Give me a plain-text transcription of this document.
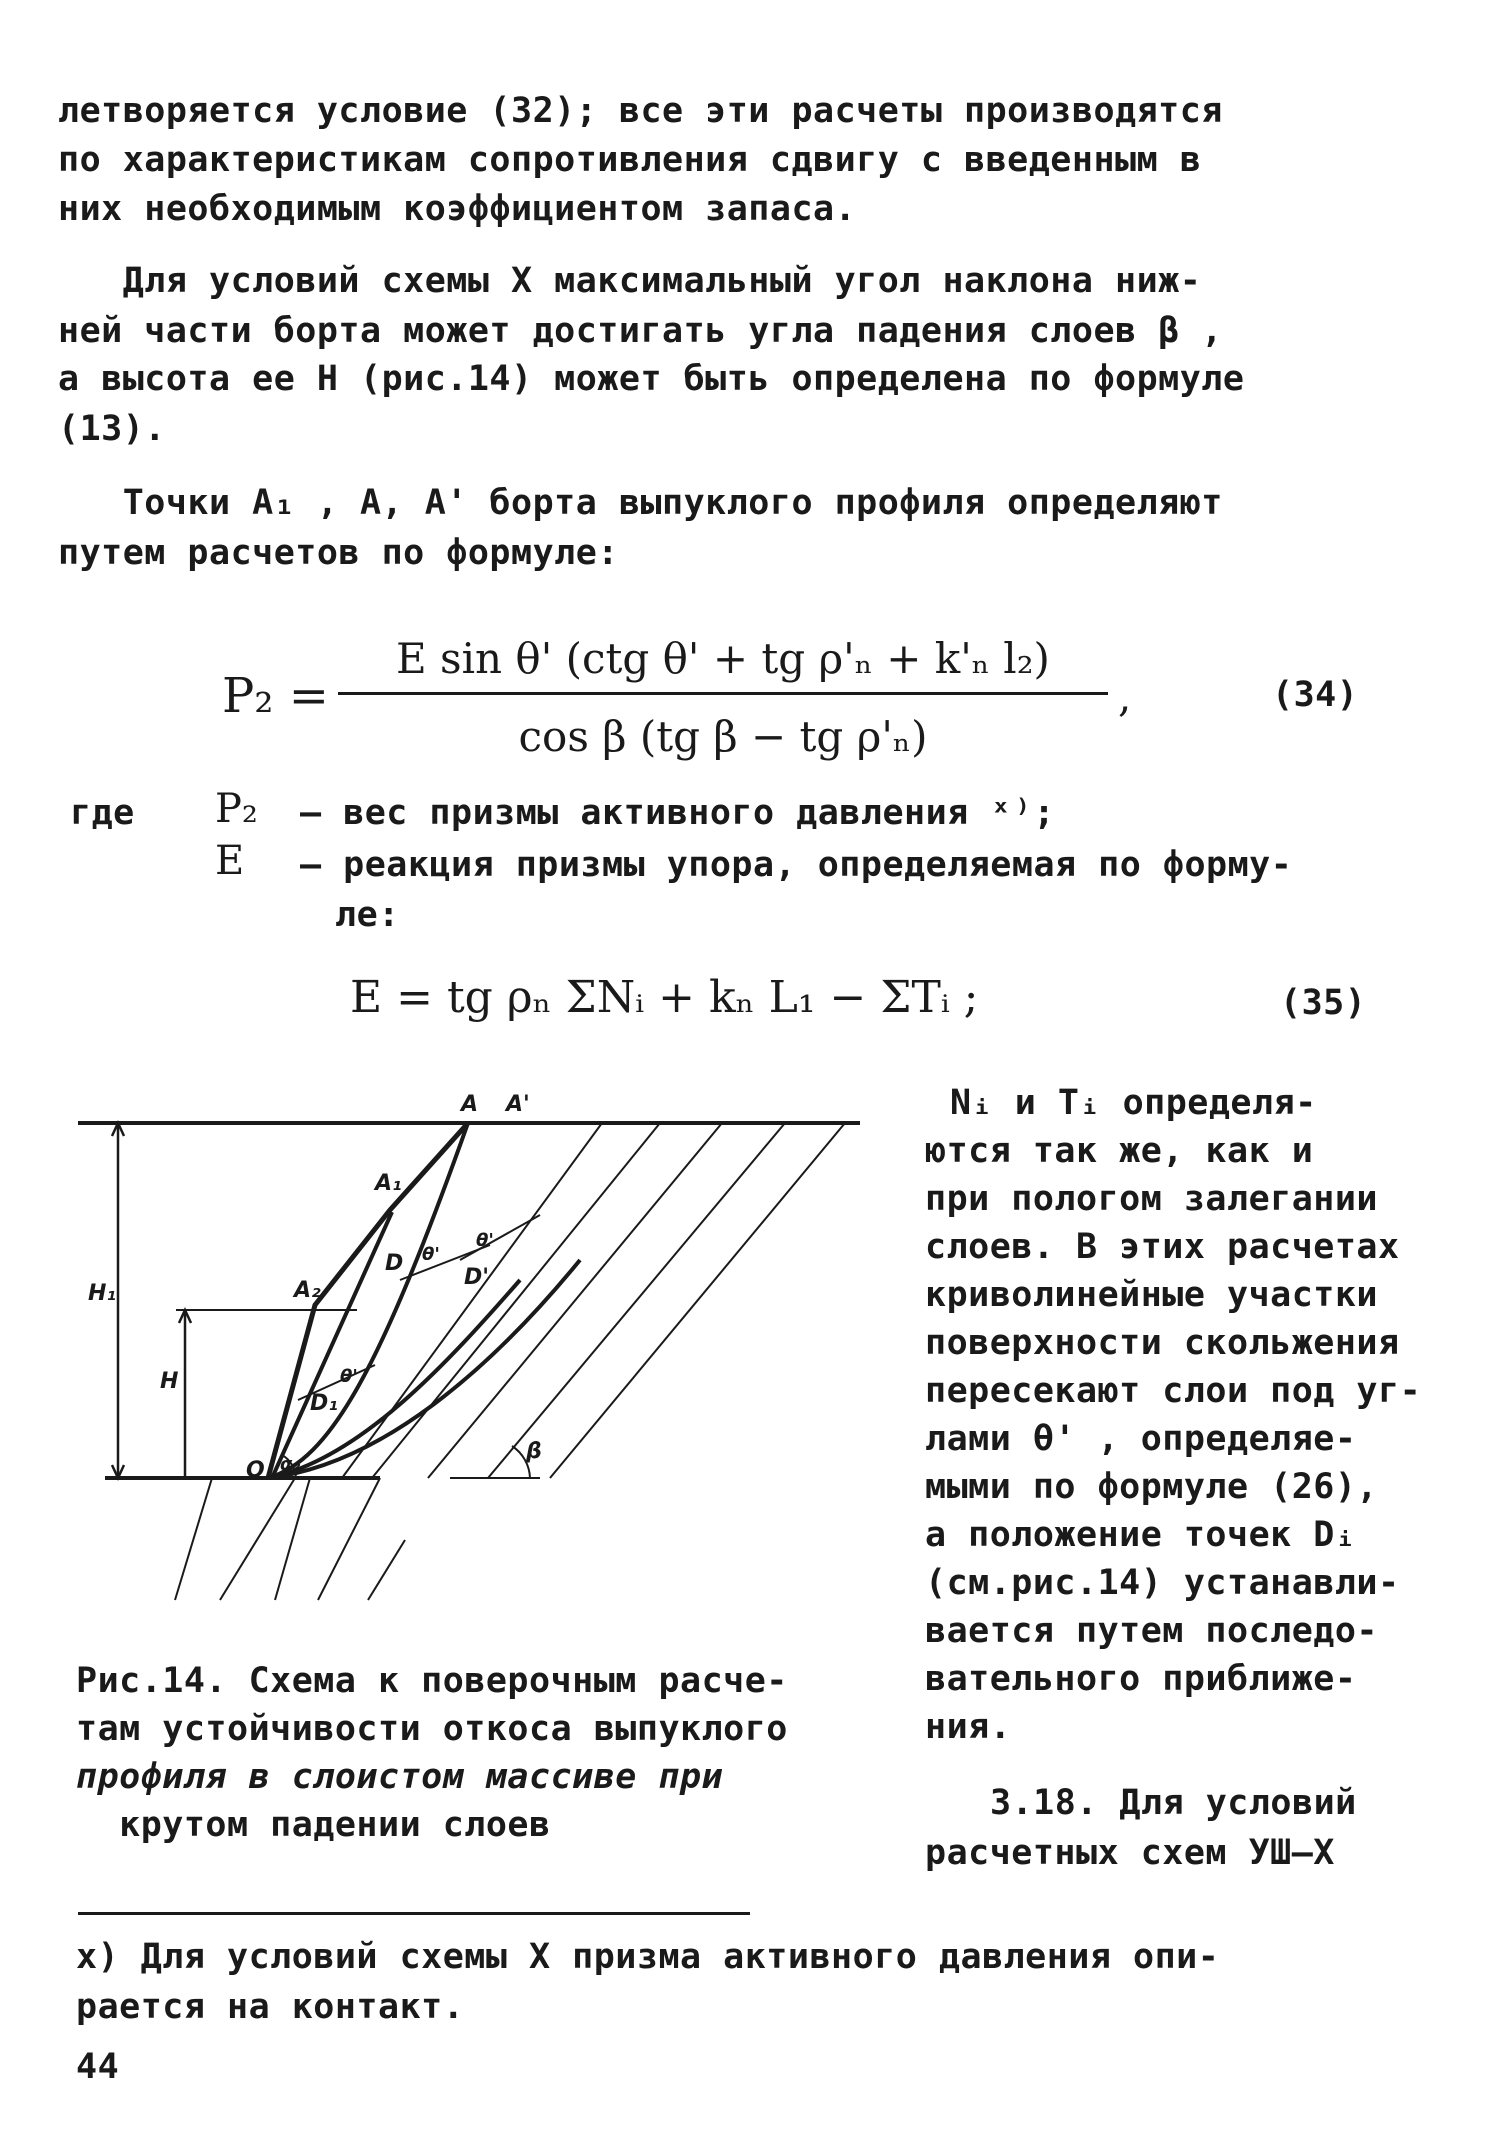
летворяется условие (32); все эти расчеты производятся
по характеристикам сопротивления сдвигу с введенным в
них необходимым коэффициентом запаса.
Для условий схемы X максимальный угол наклона ниж-
ней части борта может достигать угла падения слоев β ,
а высота ее H (рис.14) может быть определена по формуле
(13).
Точки A₁ , A, A' борта выпуклого профиля определяют
путем расчетов по формуле:
P₂ =
E sin θ' (ctg θ' + tg ρ'ₙ + k'ₙ l₂)
cos β (tg β − tg ρ'ₙ)
,	(34)
где P₂ – вес призмы активного давления ˣ⁾;
E – реакция призмы упора, определяемая по форму-
ле:
E = tg ρₙ ΣNᵢ + kₙ L₁ − ΣTᵢ ;	(35)
A A'
A₁
A₂
H₁
H
O
D
D'
D₁
θ'
θ'
θ'
α₂
β
Nᵢ и Tᵢ определя-
ются так же, как и
при пологом залегании
слоев. В этих расчетах
криволинейные участки
поверхности скольжения
пересекают слои под уг-
лами θ' , определяе-
мыми по формуле (26),
а положение точек Dᵢ
(см.рис.14) устанавли-
вается путем последо-
вательного приближе-
ния.
3.18. Для условий
расчетных схем УШ–X
Рис.14. Схема к поверочным расче-
там устойчивости откоса выпуклого
профиля в слоистом массиве при
крутом падении слоев
x) Для условий схемы X призма активного давления опи-
рается на контакт.
44
